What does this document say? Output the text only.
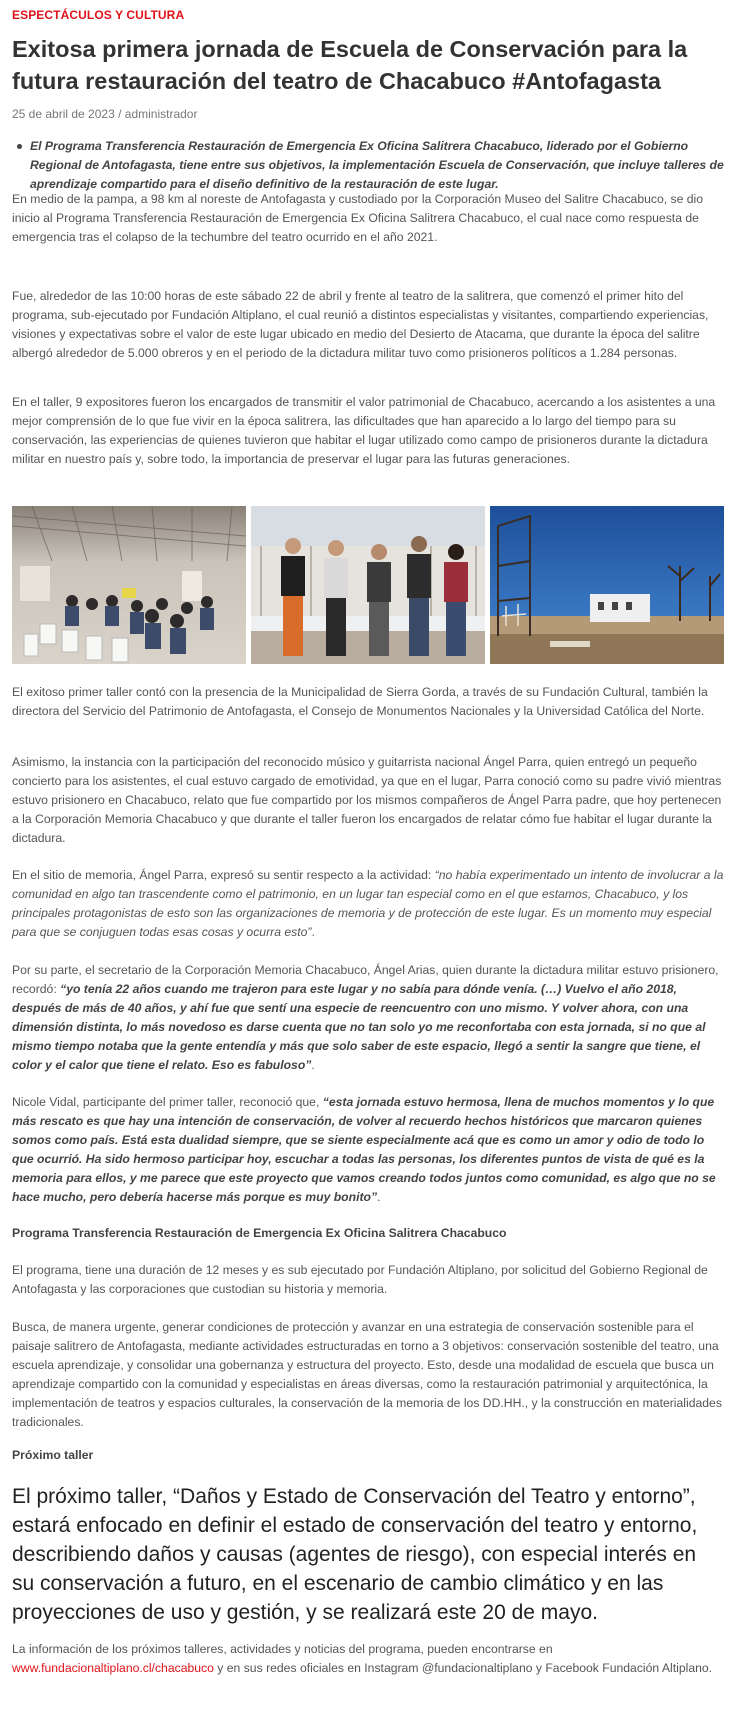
ESPECTÁCULOS Y CULTURA
Exitosa primera jornada de Escuela de Conservación para la futura restauración del teatro de Chacabuco #Antofagasta
25 de abril de 2023 / administrador

El Programa Transferencia Restauración de Emergencia Ex Oficina Salitrera Chacabuco, liderado por el Gobierno Regional de Antofagasta, tiene entre sus objetivos, la implementación Escuela de Conservación, que incluye talleres de aprendizaje compartido para el diseño definitivo de la restauración de este lugar.

En medio de la pampa, a 98 km al noreste de Antofagasta y custodiado por la Corporación Museo del Salitre Chacabuco, se dio inicio al Programa Transferencia Restauración de Emergencia Ex Oficina Salitrera Chacabuco, el cual nace como respuesta de emergencia tras el colapso de la techumbre del teatro ocurrido en el año 2021.

Fue, alrededor de las 10:00 horas de este sábado 22 de abril y frente al teatro de la salitrera, que comenzó el primer hito del programa, sub-ejecutado por Fundación Altiplano, el cual reunió a distintos especialistas y visitantes, compartiendo experiencias, visiones y expectativas sobre el valor de este lugar ubicado en medio del Desierto de Atacama, que durante la época del salitre albergó alrededor de 5.000 obreros y en el periodo de la dictadura militar tuvo como prisioneros políticos a 1.284 personas.

En el taller, 9 expositores fueron los encargados de transmitir el valor patrimonial de Chacabuco, acercando a los asistentes a una mejor comprensión de lo que fue vivir en la época salitrera, las dificultades que han aparecido a lo largo del tiempo para su conservación, las experiencias de quienes tuvieron que habitar el lugar utilizado como campo de prisioneros durante la dictadura militar en nuestro país y, sobre todo, la importancia de preservar el lugar para las futuras generaciones.

El exitoso primer taller contó con la presencia de la Municipalidad de Sierra Gorda, a través de su Fundación Cultural, también la directora del Servicio del Patrimonio de Antofagasta, el Consejo de Monumentos Nacionales y la Universidad Católica del Norte.

Asimismo, la instancia con la participación del reconocido músico y guitarrista nacional Ángel Parra, quien entregó un pequeño concierto para los asistentes, el cual estuvo cargado de emotividad, ya que en el lugar, Parra conoció como su padre vivió mientras estuvo prisionero en Chacabuco, relato que fue compartido por los mismos compañeros de Ángel Parra padre, que hoy pertenecen a la Corporación Memoria Chacabuco y que durante el taller fueron los encargados de relatar cómo fue habitar el lugar durante la dictadura.

En el sitio de memoria, Ángel Parra, expresó su sentir respecto a la actividad: “no había experimentado un intento de involucrar a la comunidad en algo tan trascendente como el patrimonio, en un lugar tan especial como en el que estamos, Chacabuco, y los principales protagonistas de esto son las organizaciones de memoria y de protección de este lugar. Es un momento muy especial para que se conjuguen todas esas cosas y ocurra esto”.

Por su parte, el secretario de la Corporación Memoria Chacabuco, Ángel Arias, quien durante la dictadura militar estuvo prisionero, recordó: “yo tenía 22 años cuando me trajeron para este lugar y no sabía para dónde venía. (…) Vuelvo el año 2018, después de más de 40 años, y ahí fue que sentí una especie de reencuentro con uno mismo. Y volver ahora, con una dimensión distinta, lo más novedoso es darse cuenta que no tan solo yo me reconfortaba con esta jornada, si no que al mismo tiempo notaba que la gente entendía y más que solo saber de este espacio, llegó a sentir la sangre que tiene, el color y el calor que tiene el relato. Eso es fabuloso”.

Nicole Vidal, participante del primer taller, reconoció que, “esta jornada estuvo hermosa, llena de muchos momentos y lo que más rescato es que hay una intención de conservación, de volver al recuerdo hechos históricos que marcaron quienes somos como país. Está esta dualidad siempre, que se siente especialmente acá que es como un amor y odio de todo lo que ocurrió. Ha sido hermoso participar hoy, escuchar a todas las personas, los diferentes puntos de vista de qué es la memoria para ellos, y me parece que este proyecto que vamos creando todos juntos como comunidad, es algo que no se hace mucho, pero debería hacerse más porque es muy bonito”.

Programa Transferencia Restauración de Emergencia Ex Oficina Salitrera Chacabuco

El programa, tiene una duración de 12 meses y es sub ejecutado por Fundación Altiplano, por solicitud del Gobierno Regional de Antofagasta y las corporaciones que custodian su historia y memoria.

Busca, de manera urgente, generar condiciones de protección y avanzar en una estrategia de conservación sostenible para el paisaje salitrero de Antofagasta, mediante actividades estructuradas en torno a 3 objetivos: conservación sostenible del teatro, una escuela aprendizaje, y consolidar una gobernanza y estructura del proyecto. Esto, desde una modalidad de escuela que busca un aprendizaje compartido con la comunidad y especialistas en áreas diversas, como la restauración patrimonial y arquitectónica, la implementación de teatros y espacios culturales, la conservación de la memoria de los DD.HH., y la construcción en materialidades tradicionales.

Próximo taller
El próximo taller, “Daños y Estado de Conservación del Teatro y entorno”, estará enfocado en definir el estado de conservación del teatro y entorno, describiendo daños y causas (agentes de riesgo), con especial interés en su conservación a futuro, en el escenario de cambio climático y en las proyecciones de uso y gestión, y se realizará este 20 de mayo.

La información de los próximos talleres, actividades y noticias del programa, pueden encontrarse en www.fundacionaltiplano.cl/chacabuco y en sus redes oficiales en Instagram @fundacionaltiplano y Facebook Fundación Altiplano.
